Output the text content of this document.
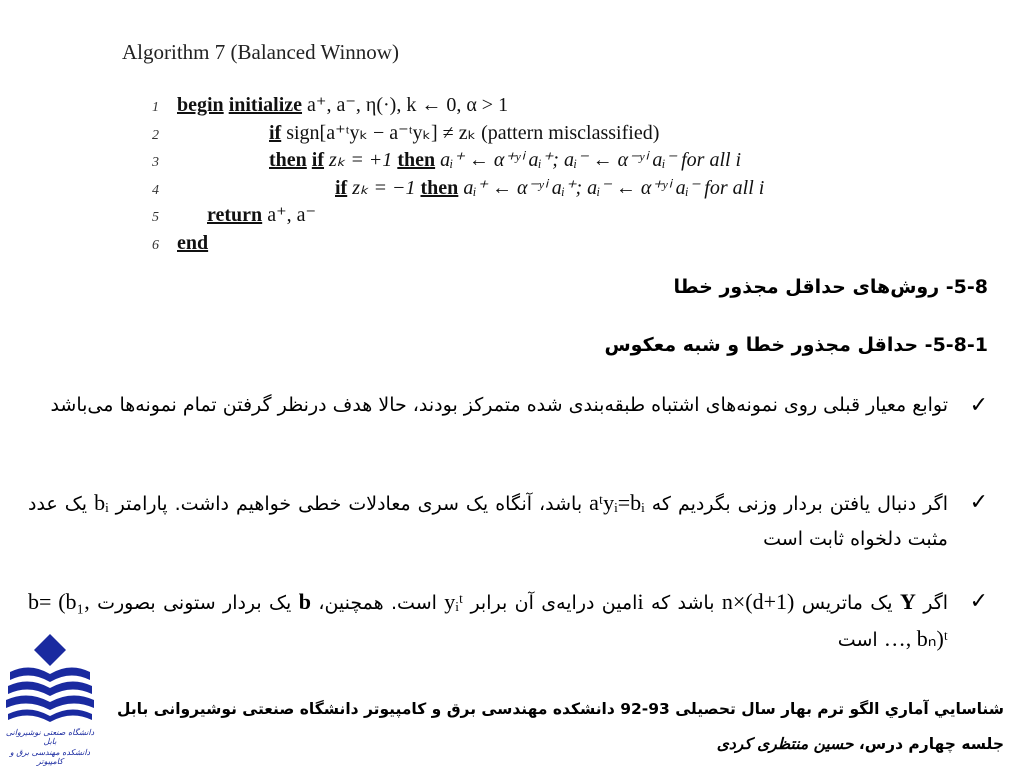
Algorithm 7 (Balanced Winnow)
1 begin initialize a⁺, a⁻, η(·), k ← 0, α > 1
2	if sign[a⁺ᵗyₖ − a⁻ᵗyₖ] ≠ zₖ (pattern misclassified)
3	then if zₖ = +1 then aᵢ⁺ ← α⁺ʸⁱ aᵢ⁺; aᵢ⁻ ← α⁻ʸⁱ aᵢ⁻ for all i
4	if zₖ = −1 then aᵢ⁺ ← α⁻ʸⁱ aᵢ⁺; aᵢ⁻ ← α⁺ʸⁱ aᵢ⁻ for all i
5	return a⁺, a⁻
6 end
5-8- روش‌های حداقل مجذور خطا
5-8-1- حداقل مجذور خطا و شبه معکوس
✓
توابع معیار قبلی روی نمونه‌های اشتباه طبقه‌بندی شده متمرکز بودند، حالا هدف درنظر گرفتن تمام نمونه‌ها می‌باشد
✓
اگر دنبال یافتن بردار وزنی بگردیم که aᵗyᵢ=bᵢ باشد، آنگاه یک سری معادلات خطی خواهیم داشت. پارامتر bᵢ یک عدد مثبت دلخواه ثابت است
✓
اگر Y یک ماتریس n×(d+1) باشد که iامین درایه‌ی آن برابر yᵢᵗ است. همچنین، b یک بردار ستونی بصورت b= (b₁, …, bₙ)ᵗ است
دانشگاه صنعتی نوشیروانی بابل
دانشکده مهندسی برق و کامپیوتر
شناسايي آماري الگو ترم بهار سال تحصیلی 93-92 دانشکده مهندسی برق و کامپیوتر دانشگاه صنعتی نوشیروانی بابل
جلسه چهارم درس، حسین منتظری کردی
